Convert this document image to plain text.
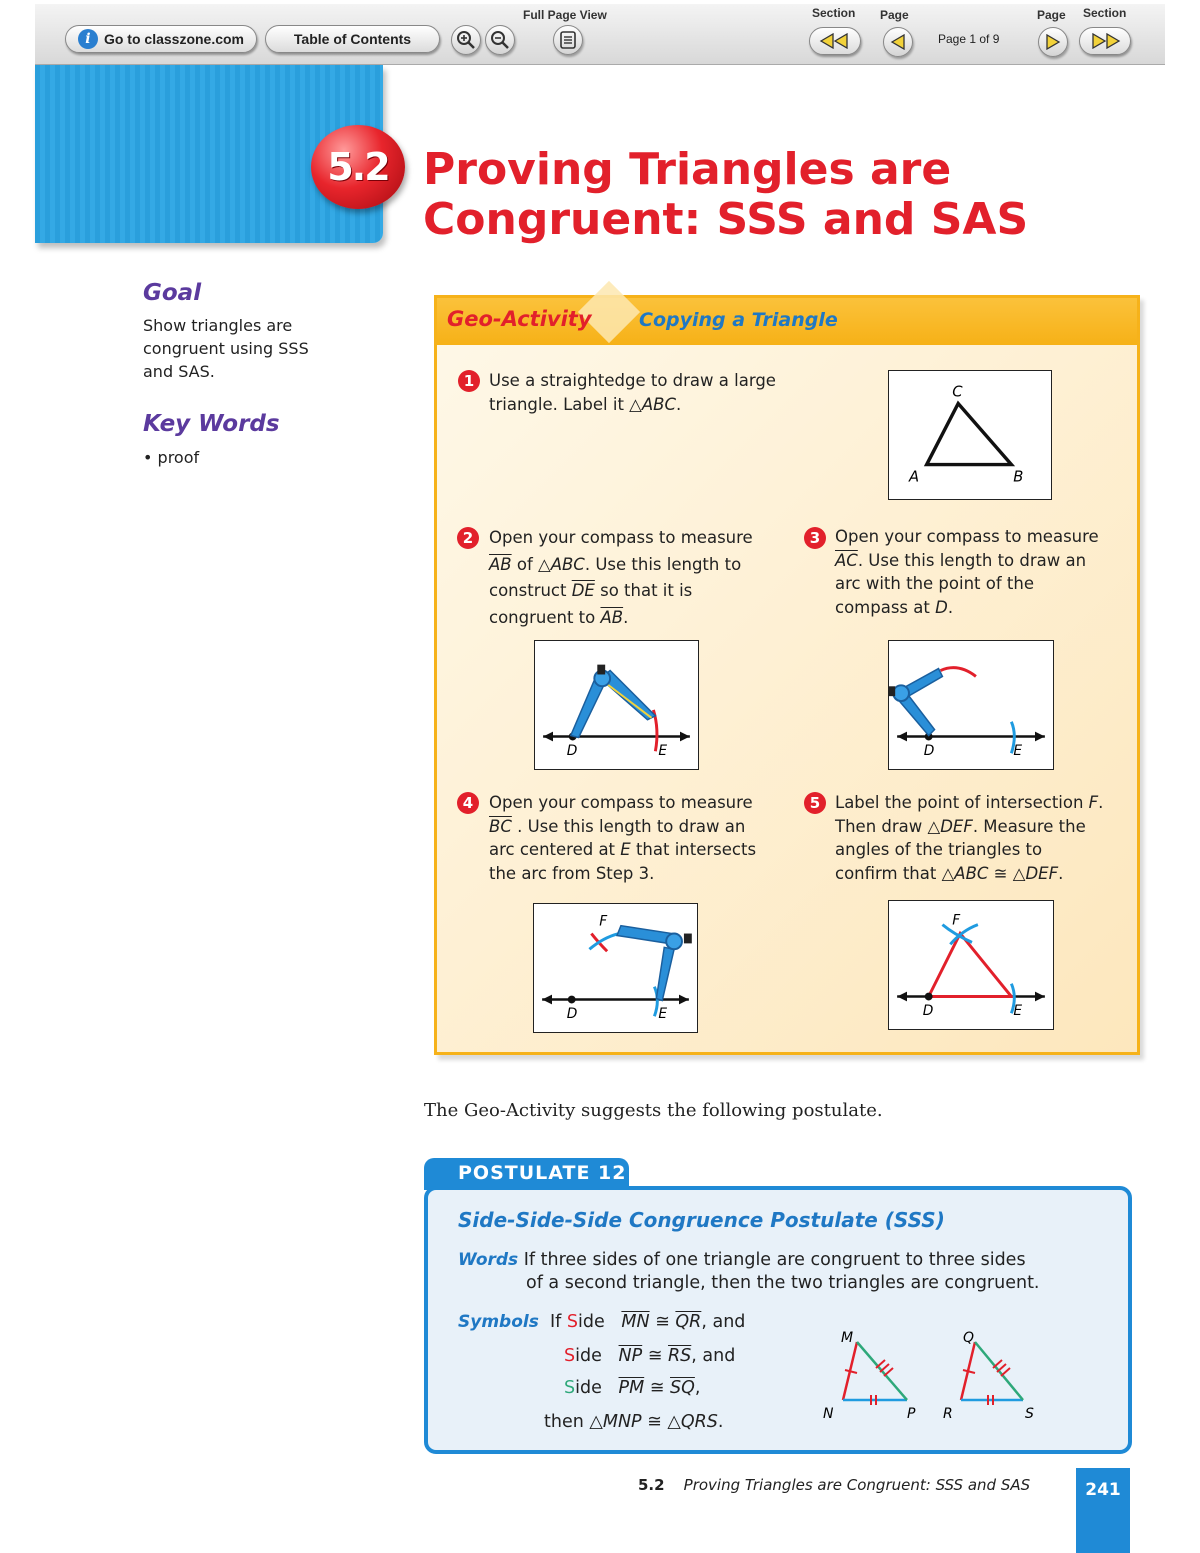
i Go to classzone.com	Table of Contents
Full Page View	Section Page
Page 1 of 9
Page Section
5.2 Proving Triangles are
Congruent: SSS and SAS
Goal

Show triangles are congruent using SSS and SAS.

Key Words

• proof

Geo-Activity Copying a Triangle
1 Use a straightedge to draw a large
triangle. Label it △ABC.
C
A	B
2 Open your compass to measure
$\overline{AB}$ of △ABC. Use this length to
construct $\overline{DE}$ so that it is
congruent to $\overline{AB}$.
3 Open your compass to measure
$\overline{AC}$. Use this length to draw an
arc with the point of the
compass at D.
D	E	D	E
4 Open your compass to measure
$\overline{BC}$ . Use this length to draw an
arc centered at E that intersects
the arc from Step 3.
5 Label the point of intersection F.
Then draw △DEF. Measure the
angles of the triangles to
confirm that △ABC ≅ △DEF.
F
D	E
F
D	E

The Geo-Activity suggests the following postulate.

POSTULATE 12
Side-Side-Side Congruence Postulate (SSS)
Words If three sides of one triangle are congruent to three sides
of a second triangle, then the two triangles are congruent.
Symbols  If Side   $\overline{MN}$ ≅ $\overline{QR}$, and
Side   $\overline{NP}$ ≅ $\overline{RS}$, and
Side   $\overline{PM}$ ≅ $\overline{SQ}$,
then △MNP ≅ △QRS.
M
N	P
Q
R	S
5.2 Proving Triangles are Congruent: SSS and SAS	241
